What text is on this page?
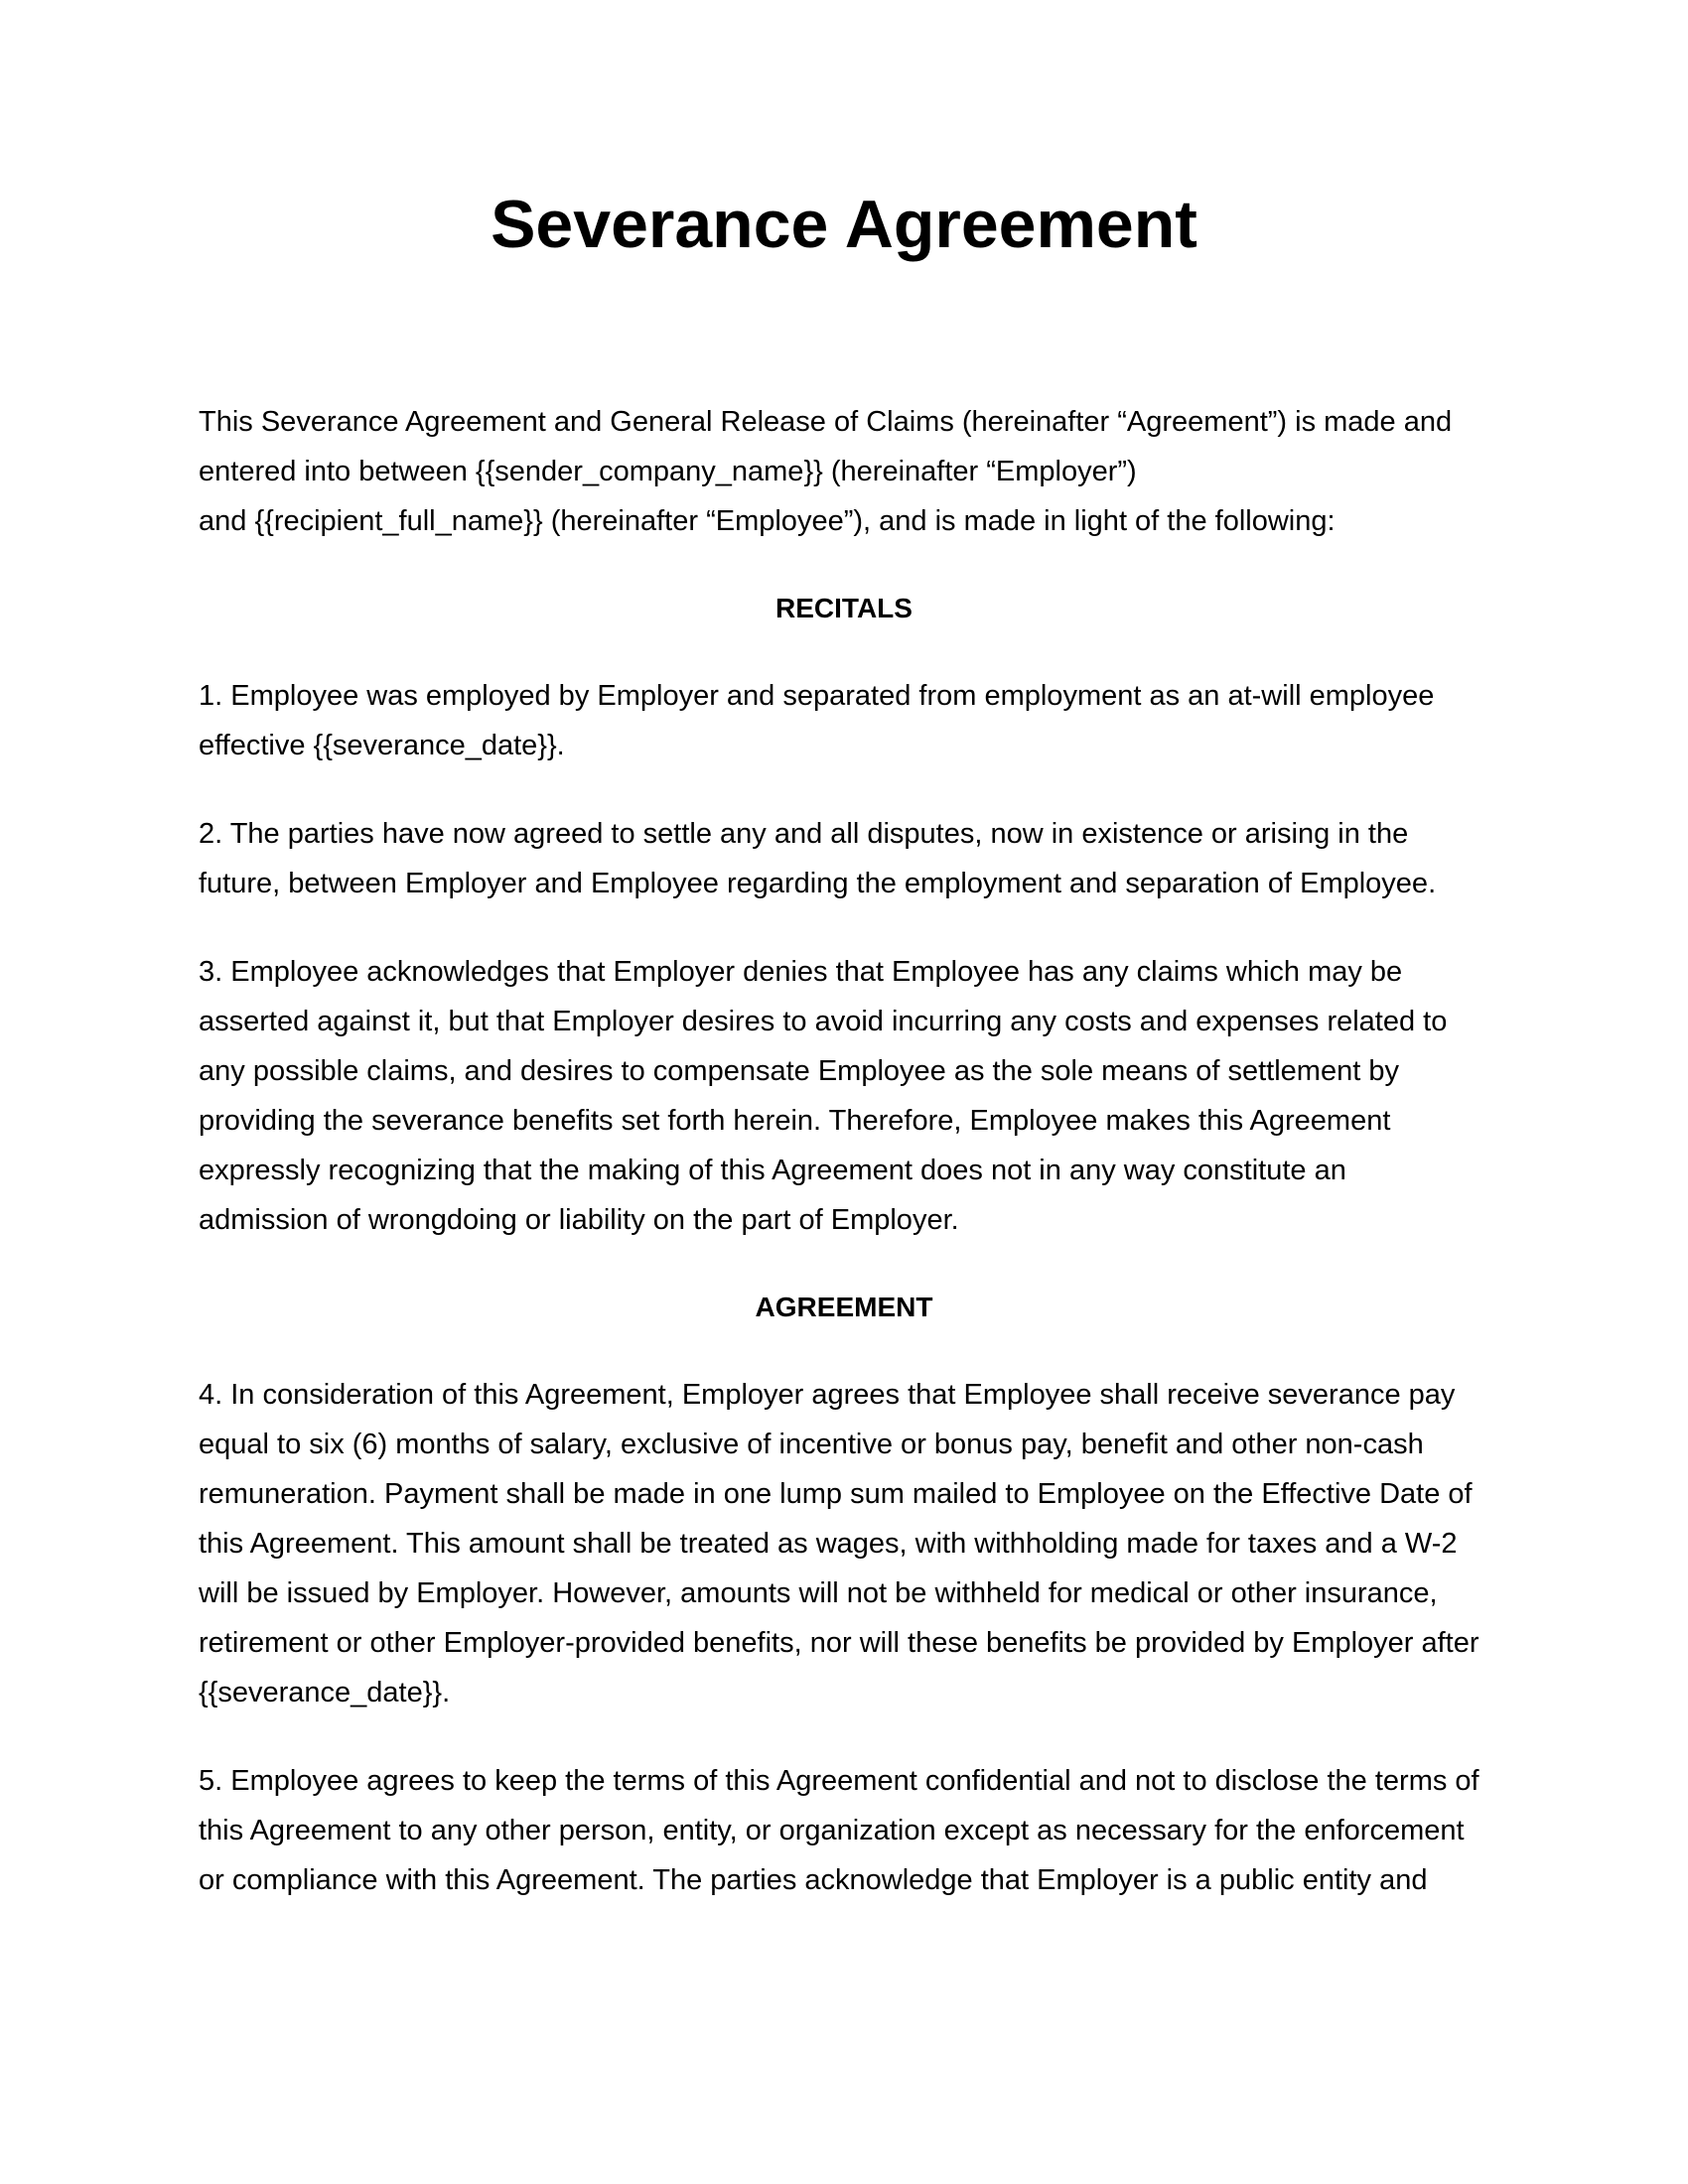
Severance Agreement

This Severance Agreement and General Release of Claims (hereinafter “Agreement”) is made and
entered into between {{sender_company_name}} (hereinafter “Employer”)
and {{recipient_full_name}} (hereinafter “Employee”), and is made in light of the following:

RECITALS

1. Employee was employed by Employer and separated from employment as an at-will employee
effective {{severance_date}}.

2. The parties have now agreed to settle any and all disputes, now in existence or arising in the
future, between Employer and Employee regarding the employment and separation of Employee.

3. Employee acknowledges that Employer denies that Employee has any claims which may be
asserted against it, but that Employer desires to avoid incurring any costs and expenses related to
any possible claims, and desires to compensate Employee as the sole means of settlement by
providing the severance benefits set forth herein. Therefore, Employee makes this Agreement
expressly recognizing that the making of this Agreement does not in any way constitute an
admission of wrongdoing or liability on the part of Employer.

AGREEMENT

4. In consideration of this Agreement, Employer agrees that Employee shall receive severance pay
equal to six (6) months of salary, exclusive of incentive or bonus pay, benefit and other non-cash
remuneration. Payment shall be made in one lump sum mailed to Employee on the Effective Date of
this Agreement. This amount shall be treated as wages, with withholding made for taxes and a W-2
will be issued by Employer. However, amounts will not be withheld for medical or other insurance,
retirement or other Employer-provided benefits, nor will these benefits be provided by Employer after
{{severance_date}}.

5. Employee agrees to keep the terms of this Agreement confidential and not to disclose the terms of
this Agreement to any other person, entity, or organization except as necessary for the enforcement
or compliance with this Agreement. The parties acknowledge that Employer is a public entity and
